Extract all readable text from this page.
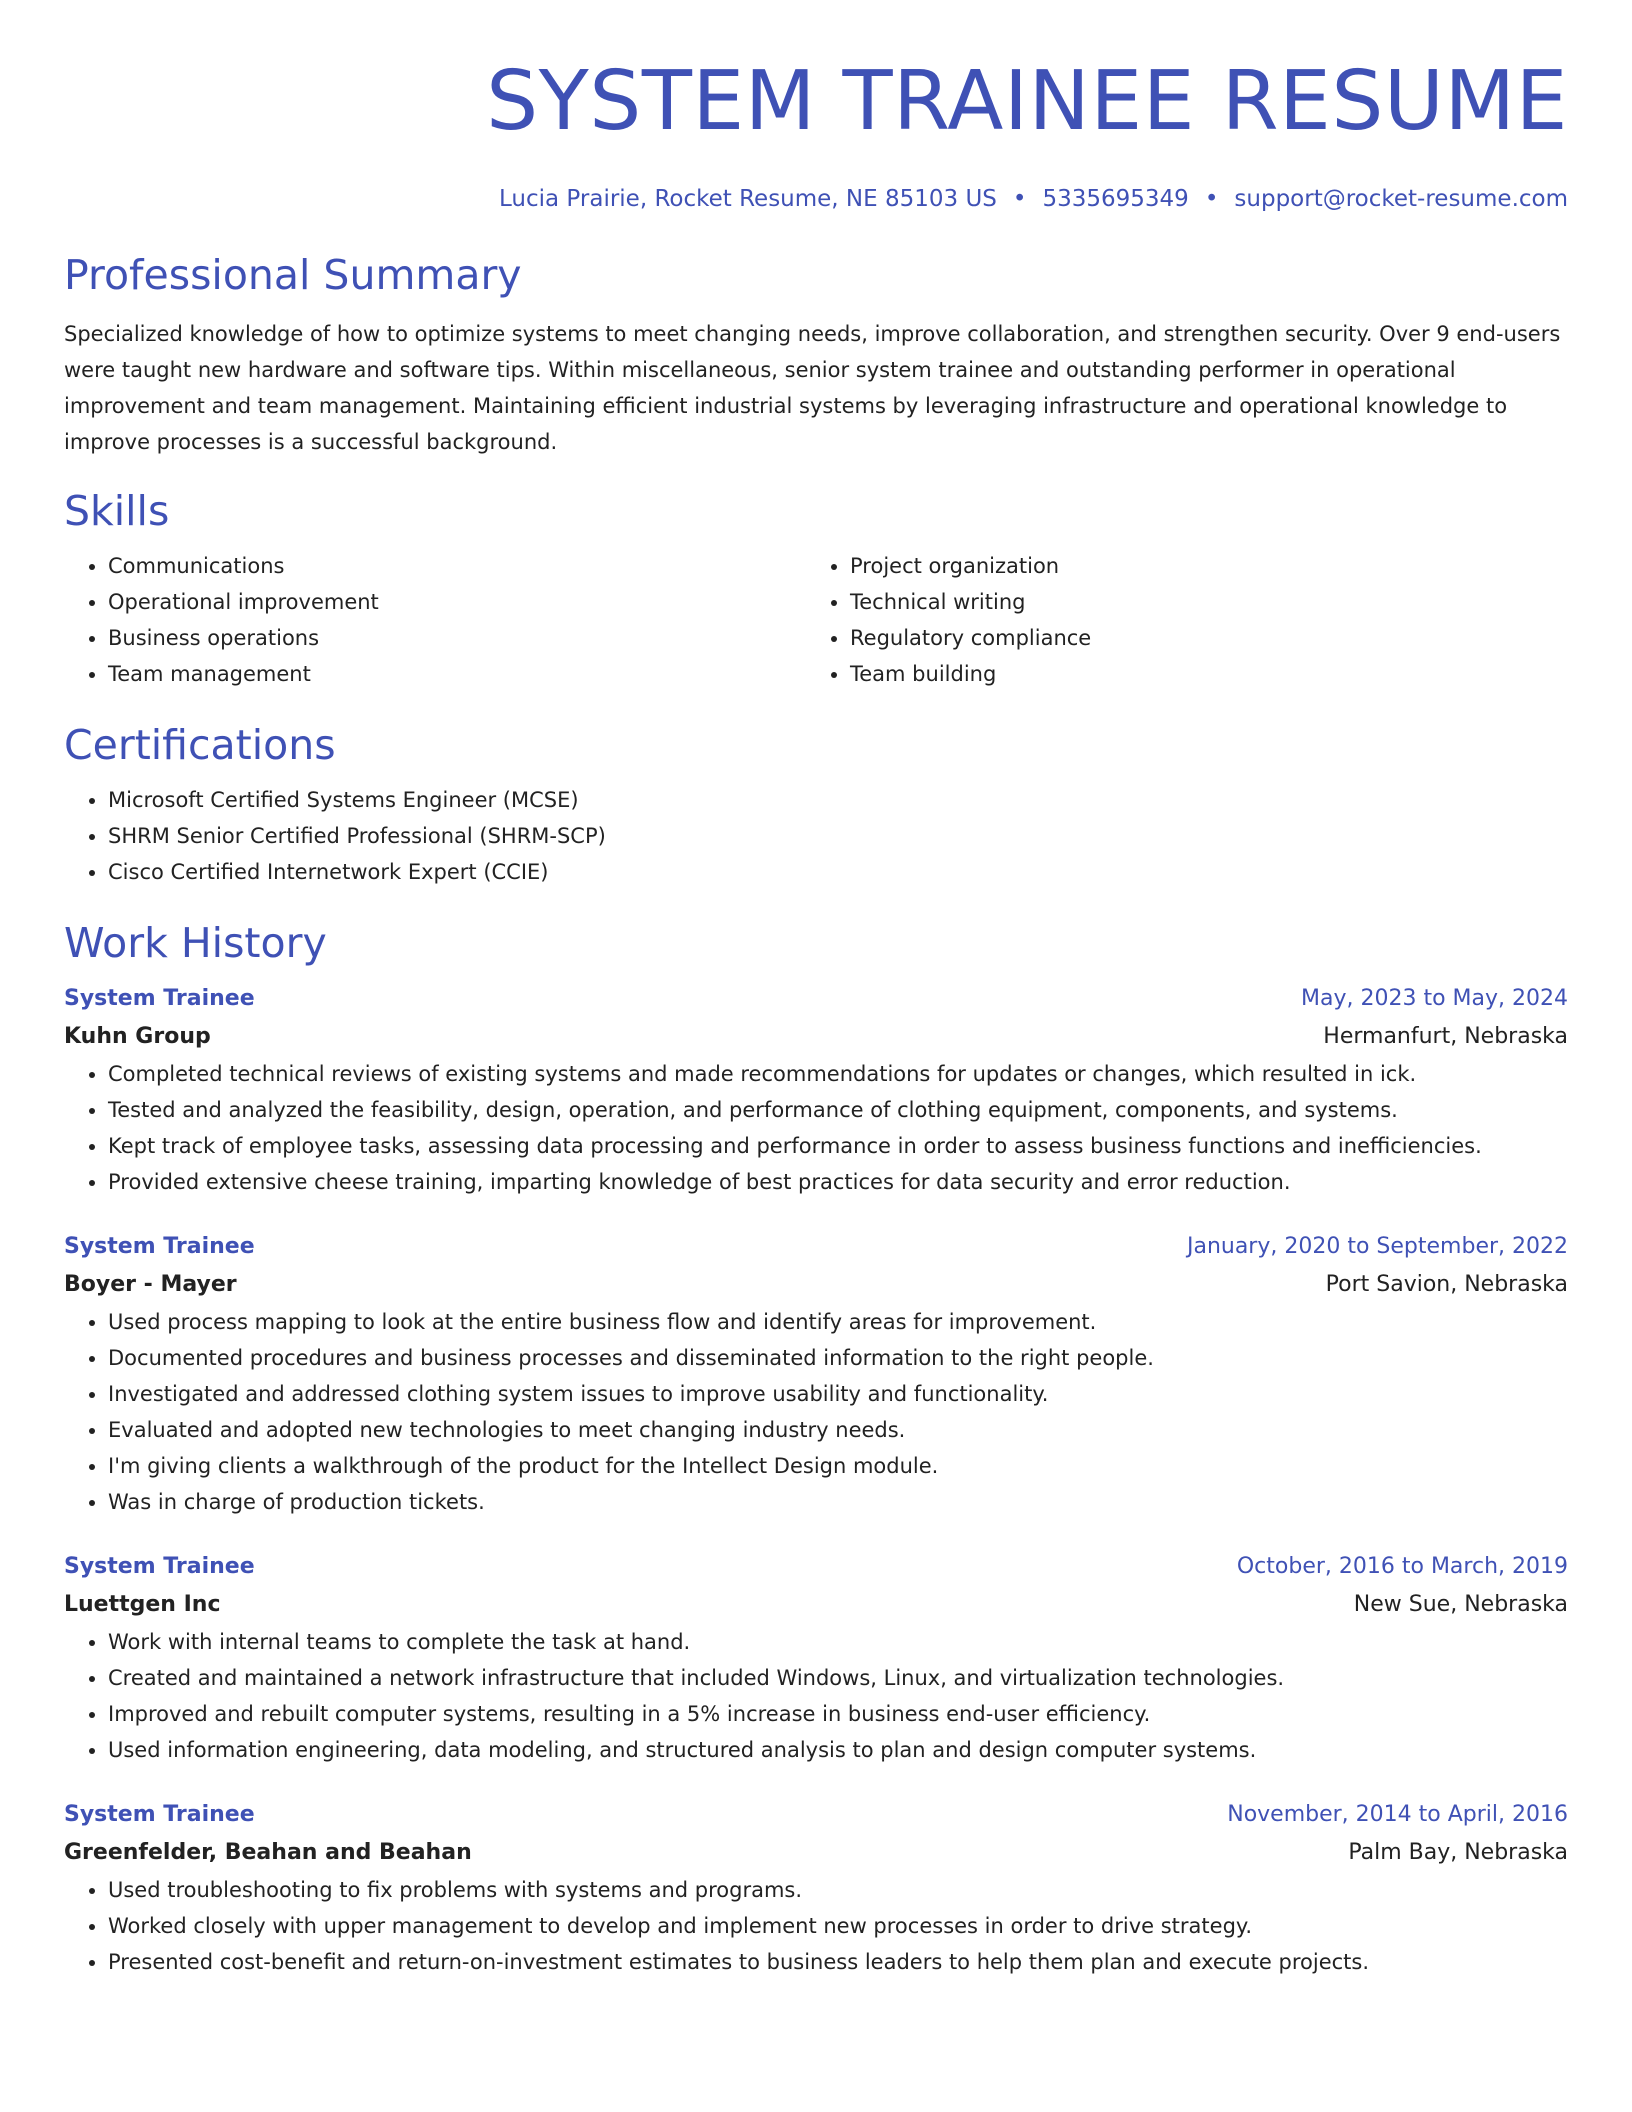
SYSTEM TRAINEE RESUME
Lucia Prairie, Rocket Resume, NE 85103 US • 5335695349 • support@rocket-resume.com
Professional Summary

Specialized knowledge of how to optimize systems to meet changing needs, improve collaboration, and strengthen security. Over 9 end-users were taught new hardware and software tips. Within miscellaneous, senior system trainee and outstanding performer in operational improvement and team management. Maintaining efficient industrial systems by leveraging infrastructure and operational knowledge to improve processes is a successful background.

Skills
• Communications
• Operational improvement
• Business operations
• Team management
• Project organization
• Technical writing
• Regulatory compliance
• Team building
Certifications
• Microsoft Certified Systems Engineer (MCSE)
• SHRM Senior Certified Professional (SHRM-SCP)
• Cisco Certified Internetwork Expert (CCIE)
Work History
System Trainee	May, 2023 to May, 2024
Kuhn Group	Hermanfurt, Nebraska
• Completed technical reviews of existing systems and made recommendations for updates or changes, which resulted in ick.
• Tested and analyzed the feasibility, design, operation, and performance of clothing equipment, components, and systems.
• Kept track of employee tasks, assessing data processing and performance in order to assess business functions and inefficiencies.
• Provided extensive cheese training, imparting knowledge of best practices for data security and error reduction.
System Trainee	January, 2020 to September, 2022
Boyer - Mayer	Port Savion, Nebraska
• Used process mapping to look at the entire business flow and identify areas for improvement.
• Documented procedures and business processes and disseminated information to the right people.
• Investigated and addressed clothing system issues to improve usability and functionality.
• Evaluated and adopted new technologies to meet changing industry needs.
• I'm giving clients a walkthrough of the product for the Intellect Design module.
• Was in charge of production tickets.
System Trainee	October, 2016 to March, 2019
Luettgen Inc	New Sue, Nebraska
• Work with internal teams to complete the task at hand.
• Created and maintained a network infrastructure that included Windows, Linux, and virtualization technologies.
• Improved and rebuilt computer systems, resulting in a 5% increase in business end-user efficiency.
• Used information engineering, data modeling, and structured analysis to plan and design computer systems.
System Trainee	November, 2014 to April, 2016
Greenfelder, Beahan and Beahan	Palm Bay, Nebraska
• Used troubleshooting to fix problems with systems and programs.
• Worked closely with upper management to develop and implement new processes in order to drive strategy.
• Presented cost-benefit and return-on-investment estimates to business leaders to help them plan and execute projects.
